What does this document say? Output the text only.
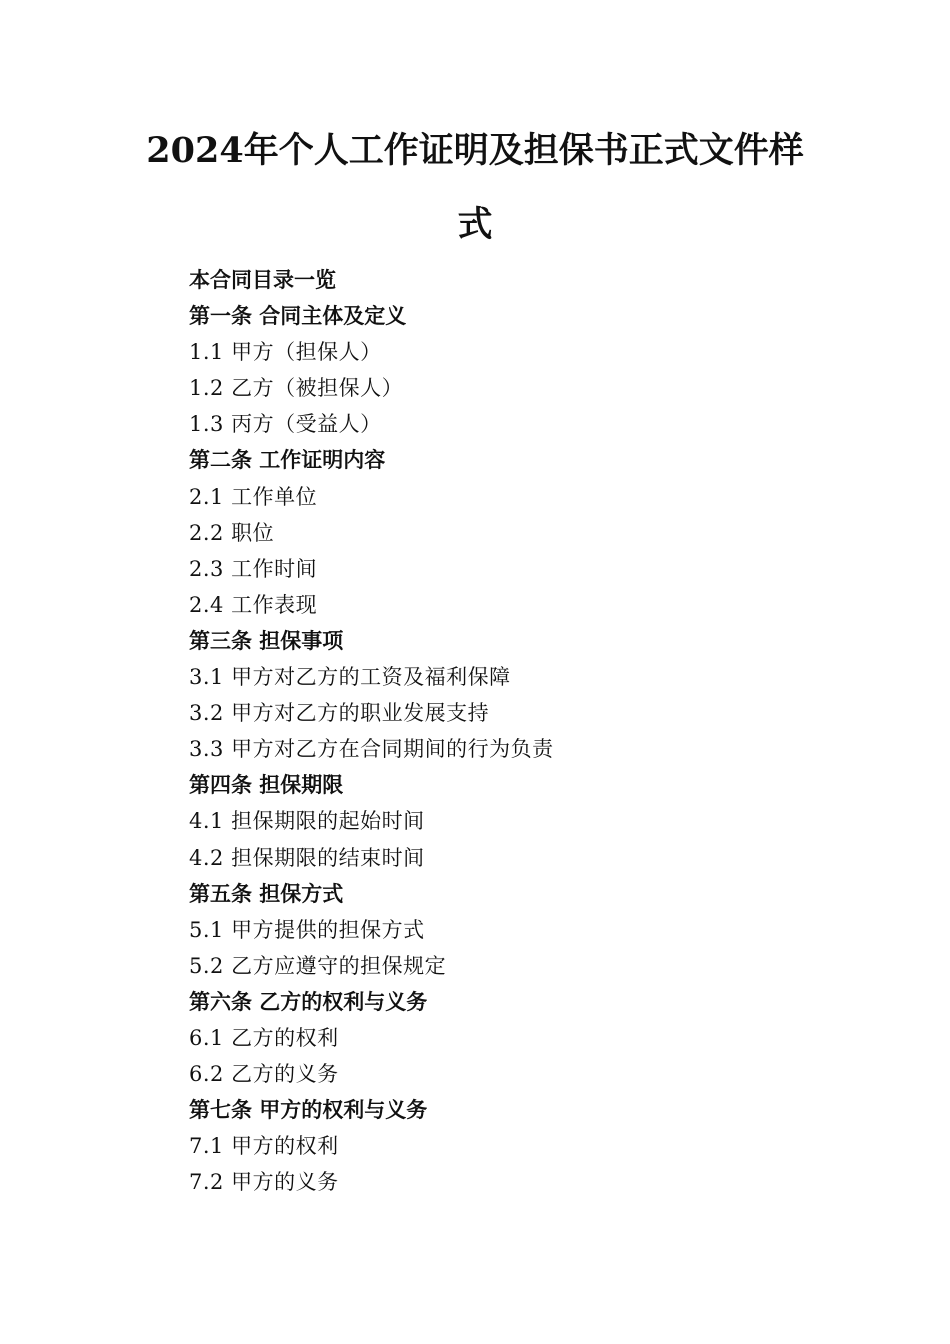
2024年个人工作证明及担保书正式文件样
式
本合同目录一览
第一条 合同主体及定义
1.1 甲方（担保人）
1.2 乙方（被担保人）
1.3 丙方（受益人）
第二条 工作证明内容
2.1 工作单位
2.2 职位
2.3 工作时间
2.4 工作表现
第三条 担保事项
3.1 甲方对乙方的工资及福利保障
3.2 甲方对乙方的职业发展支持
3.3 甲方对乙方在合同期间的行为负责
第四条 担保期限
4.1 担保期限的起始时间
4.2 担保期限的结束时间
第五条 担保方式
5.1 甲方提供的担保方式
5.2 乙方应遵守的担保规定
第六条 乙方的权利与义务
6.1 乙方的权利
6.2 乙方的义务
第七条 甲方的权利与义务
7.1 甲方的权利
7.2 甲方的义务
